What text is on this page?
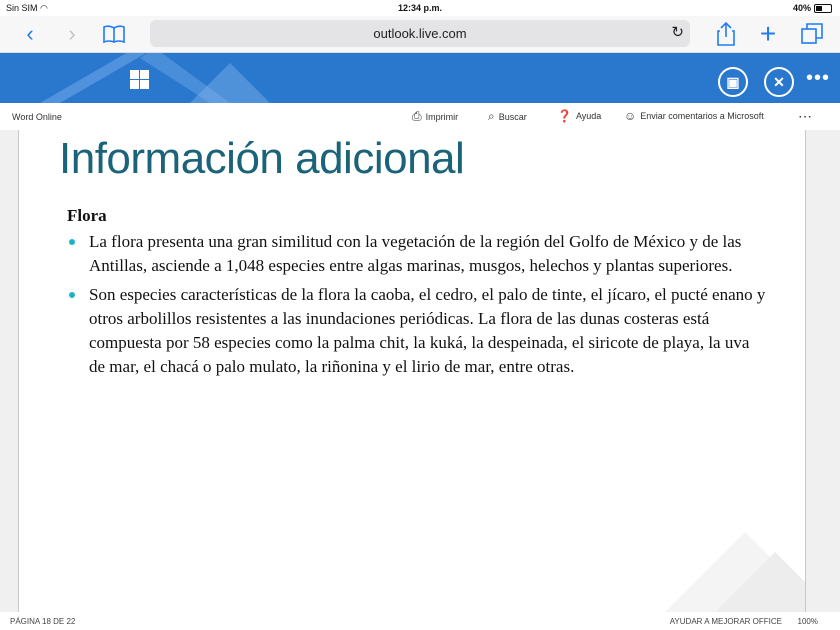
Sin SIM ◠	12:34 p.m.	40%
‹	›	outlook.live.com	↻	+
▣	✕	•••
Word Online	⎙ Imprimir ⌕ Buscar	❓ Ayuda ☺ Enviar comentarios a Microsoft ⋯
Información adicional
Flora
La flora presenta una gran similitud con la vegetación de la región del Golfo de México y de las Antillas, asciende a 1,048 especies entre algas marinas, musgos, helechos y plantas superiores.
Son especies características de la flora la caoba, el cedro, el palo de tinte, el jícaro, el pucté enano y otros arbolillos resistentes a las inundaciones periódicas. La flora de las dunas costeras está compuesta por 58 especies como la palma chit, la kuká, la despeinada, el siricote de playa, la uva de mar, el chacá o palo mulato, la riñonina y el lirio de mar, entre otras.
PÁGINA 18 DE 22	AYUDAR A MEJORAR OFFICE 100%
